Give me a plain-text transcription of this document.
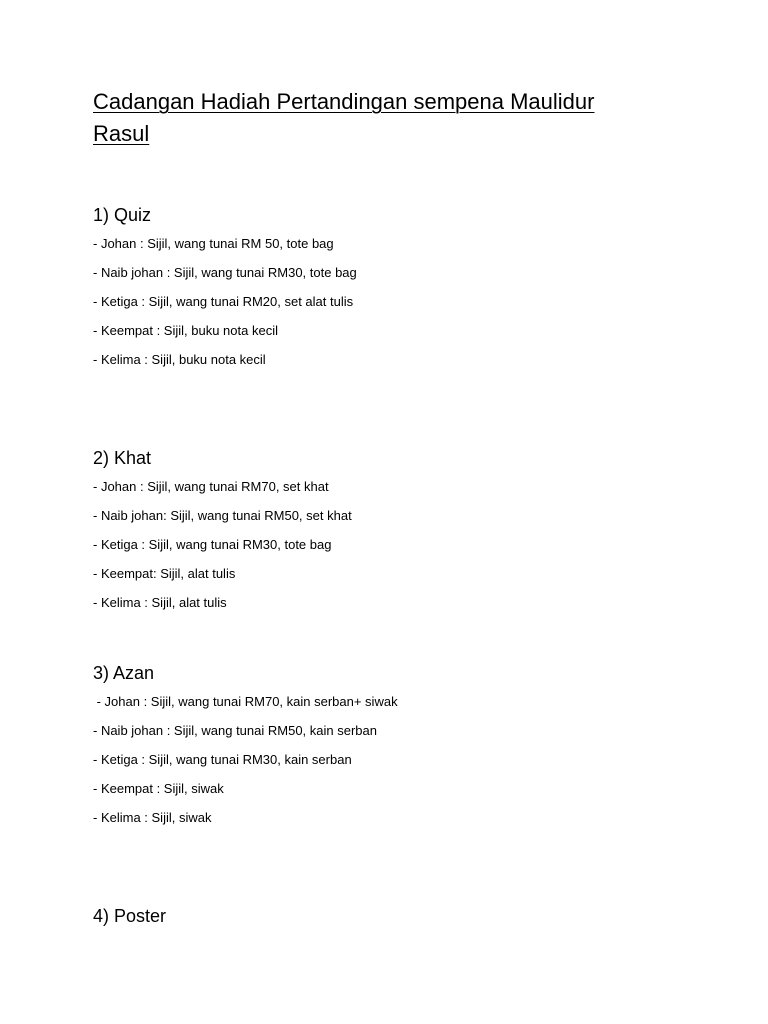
Cadangan Hadiah Pertandingan sempena Maulidur Rasul
1) Quiz
- Johan : Sijil, wang tunai RM 50, tote bag
- Naib johan : Sijil, wang tunai RM30, tote bag
- Ketiga : Sijil, wang tunai RM20, set alat tulis
- Keempat : Sijil, buku nota kecil
- Kelima : Sijil, buku nota kecil
2) Khat
- Johan : Sijil, wang tunai RM70, set khat
- Naib johan: Sijil, wang tunai RM50, set khat
- Ketiga : Sijil, wang tunai RM30, tote bag
- Keempat: Sijil, alat tulis
- Kelima : Sijil, alat tulis
3) Azan
- Johan : Sijil, wang tunai RM70, kain serban+ siwak
- Naib johan : Sijil, wang tunai RM50, kain serban
- Ketiga : Sijil, wang tunai RM30, kain serban
- Keempat : Sijil, siwak
- Kelima : Sijil, siwak
4) Poster
